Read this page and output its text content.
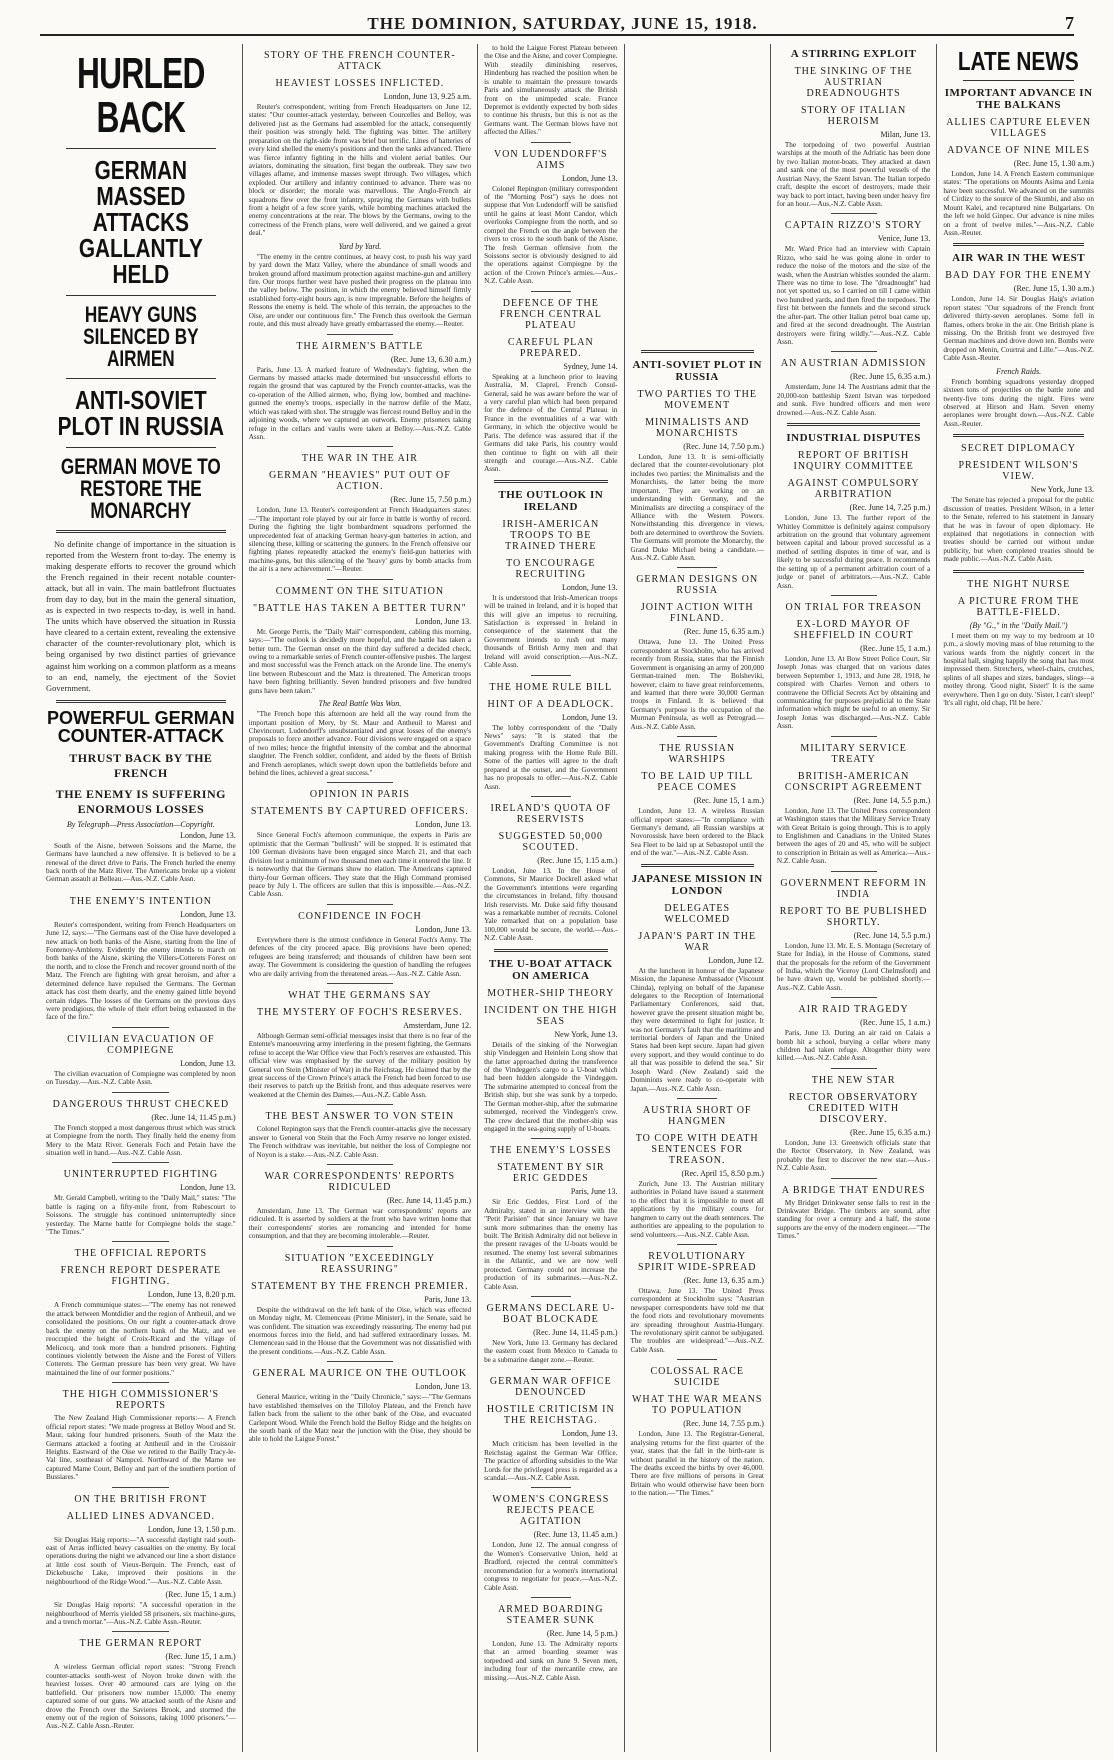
THE DOMINION, SATURDAY, JUNE 15, 1918.	7
HURLED BACK
GERMAN MASSED ATTACKS GALLANTLY HELD
HEAVY GUNS SILENCED BY AIRMEN
ANTI-SOVIET PLOT IN RUSSIA
GERMAN MOVE TO RESTORE THE MONARCHY

No definite change of importance in the situation is reported from the Western front to-day. The enemy is making desperate efforts to recover the ground which the French regained in their recent notable counter-attack, but all in vain. The main battlefront fluctuates from day to day, but in the main the general situation, as is expected in two respects to-day, is well in hand. The units which have observed the situation in Russia have cleared to a certain extent, revealing the extensive character of the counter-revolutionary plot, which is being organised by two distinct parties of grievance against him working on a common platform as a means to an end, namely, the ejectment of the Soviet Government.

POWERFUL GERMAN COUNTER-ATTACK
THRUST BACK BY THE FRENCH
THE ENEMY IS SUFFERING ENORMOUS LOSSES
By Telegraph—Press Association—Copyright.
London, June 13.

South of the Aisne, between Soissons and the Marne, the Germans have launched a new offensive. It is believed to be a renewal of the direct drive to Paris. The French hurled the enemy back north of the Matz River. The Americans broke up a violent German assault at Belleau.—Aus.-N.Z. Cable Assn.

THE ENEMY'S INTENTION
London, June 13.

Reuter's correspondent, writing from French Headquarters on June 12, says:—"The Germans east of the Oise have developed a new attack on both banks of the Aisne, starting from the line of Fontenoy-Ambleny. Evidently the enemy intends to march on both banks of the Aisne, skirting the Villers-Cotterets Forest on the north, and to close the French and recover ground north of the Matz. The French are fighting with great heroism, and after a determined defence have repulsed the Germans. The German attack has cost them dearly, and the enemy gained little beyond certain ridges. The losses of the Germans on the previous days were prodigious, the whole of their effort being exhausted in the face of the fire."

CIVILIAN EVACUATION OF COMPIEGNE
London, June 13.

The civilian evacuation of Compiegne was completed by noon on Tuesday.—Aus.-N.Z. Cable Assn.

DANGEROUS THRUST CHECKED
(Rec. June 14, 11.45 p.m.)

The French stopped a most dangerous thrust which was struck at Compiegne from the north. They finally held the enemy from Mery to the Matz River. Generals Foch and Petain have the situation well in hand.—Aus.-N.Z. Cable Assn.

UNINTERRUPTED FIGHTING
London, June 13.

Mr. Gerald Campbell, writing to the "Daily Mail," states: "The battle is raging on a fifty-mile front, from Rubescourt to Soissons. The struggle has continued uninterruptedly since yesterday. The Marne battle for Compiegne holds the stage." "The Times."

THE OFFICIAL REPORTS
FRENCH REPORT DESPERATE FIGHTING.
London, June 13, 8.20 p.m.

A French communique states:—"The enemy has not renewed the attack between Montdidier and the region of Antheuil, and we consolidated the positions. On our right a counter-attack drove back the enemy on the northern bank of the Matz, and we reoccupied the height of Croix-Ricard and the village of Melicocq, and took more than a hundred prisoners. Fighting continues violently between the Aisne and the Forest of Villers Cotterets. The German pressure has been very great. We have maintained the line of our former positions."

THE HIGH COMMISSIONER'S REPORTS

The New Zealand High Commissioner reports:— A French official report states: "We made progress at Belloy Wood and St. Maur, taking four hundred prisoners. South of the Matz the Germans attacked a footing at Antheuil and in the Croissoir Heights. Eastward of the Oise we retired to the Bailly Tracy-le-Val line, southeast of Nampcel. Northward of the Marne we captured Mame Court, Belloy and part of the southern portion of Bussiares."

ON THE BRITISH FRONT
ALLIED LINES ADVANCED.
London, June 13, 1.50 p.m.

Sir Douglas Haig reports:—"A successful daylight raid south-east of Arras inflicted heavy casualties on the enemy. By local operations during the night we advanced our line a short distance at little cost south of Vieux-Berquin. The French, east of Dickebusche Lake, improved their positions in the neighbourhood of the Ridge Wood."—Aus.-N.Z. Cable Assn.

(Rec. June 15, 1 a.m.)

Sir Douglas Haig reports: "A successful operation in the neighbourhood of Merris yielded 58 prisoners, six machine-guns, and a trench mortar."—Aus.-N.Z. Cable Assn.-Reuter.

THE GERMAN REPORT
(Rec. June 15, 1 a.m.)

A wireless German official report states: "Strong French counter-attacks south-west of Noyon broke down with the heaviest losses. Over 40 armoured cars are lying on the battlefield. Our prisoners now number 15,000. The enemy captured some of our guns. We attacked south of the Aisne and drove the French over the Savieres Brook, and stormed the enemy out of the region of Soissons, taking 1000 prisoners."—Aus.-N.Z. Cable Assn.-Reuter.

STORY OF THE FRENCH COUNTER-ATTACK
HEAVIEST LOSSES INFLICTED.
London, June 13, 9.25 a.m.

Reuter's correspondent, writing from French Headquarters on June 12, states: "Our counter-attack yesterday, between Courcelles and Belloy, was delivered just as the Germans had assembled for the attack, consequently their position was strongly held. The fighting was bitter. The artillery preparation on the right-side front was brief but terrific. Lines of batteries of every kind shelled the enemy's positions and then the tanks advanced. There was fierce infantry fighting in the hills and violent aerial battles. Our aviators, dominating the situation, first began the outbreak. They saw two villages aflame, and immense masses swept through. Two villages, which exploded. Our artillery and infantry continued to advance. There was no block or disorder; the morale was marvellous. The Anglo-French air squadrons flew over the front infantry, spraying the Germans with bullets from a height of a few score yards, while bombing machines attacked the enemy concentrations at the rear. The blows by the Germans, owing to the correctness of the French plans, were well delivered, and we gained a great deal."

Yard by Yard.

"The enemy in the centre continues, at heavy cost, to push his way yard by yard down the Matz Valley, where the abundance of small woods and broken ground afford maximum protection against machine-gun and artillery fire. Our troops further west have pushed their progress on the plateau into the valley below. The position, in which the enemy believed himself firmly established forty-eight hours ago, is now impregnable. Before the heights of Ressons the enemy is held. The whole of this terrain, the approaches to the Oise, are under our continuous fire." The French thus overlook the German route, and this must already have greatly embarrassed the enemy.—Reuter.

THE AIRMEN'S BATTLE
(Rec. June 13, 6.30 a.m.)

Paris, June 13. A marked feature of Wednesday's fighting, when the Germans by massed attacks made determined but unsuccessful efforts to regain the ground that was captured by the French counter-attacks, was the co-operation of the Allied airmen, who, flying low, bombed and machine-gunned the enemy's troops, especially in the narrow defile of the Matz, which was raked with shot. The struggle was fiercest round Belloy and in the adjoining woods, where we captured an outwork. Enemy prisoners taking refuge in the cellars and vaults were taken at Belloy.—Aus.-N.Z. Cable Assn.

THE WAR IN THE AIR
GERMAN "HEAVIES" PUT OUT OF ACTION.
(Rec. June 15, 7.50 p.m.)

London, June 13. Reuter's correspondent at French Headquarters states:—"The important role played by our air force in battle is worthy of record. During the fighting the light bombardment squadrons performed the unprecedented feat of attacking German heavy-gun batteries in action, and silencing these, killing or scattering the gunners. In the French offensive our fighting planes repeatedly attacked the enemy's field-gun batteries with machine-guns, but this silencing of the 'heavy' guns by bomb attacks from the air is a new achievement."—Reuter.

COMMENT ON THE SITUATION
"BATTLE HAS TAKEN A BETTER TURN"
London, June 13.

Mr. George Perris, the "Daily Mail" correspondent, cabling this morning, says:—"The outlook is decidedly more hopeful, and the battle has taken a better turn. The German onset on the third day suffered a decided check, owing to a remarkable series of French counter-offensive pushes. The largest and most successful was the French attack on the Aronde line. The enemy's line between Rubescourt and the Matz is threatened. The American troops have been fighting brilliantly. Seven hundred prisoners and five hundred guns have been taken."

The Real Battle Was Won.

"The French hope this afternoon are held all the way round from the important position of Mery, by St. Maur and Antheuil to Marest and Chevincourt. Ludendorff's unsubstantiated and great losses of the enemy's proposals to force another advance. Four divisions were engaged on a space of two miles; hence the frightful intensity of the combat and the abnormal slaughter. The French soldier, confident, and aided by the fleets of British and French aeroplanes, which swept down upon the battlefields before and behind the lines, achieved a great success."

OPINION IN PARIS
STATEMENTS BY CAPTURED OFFICERS.
London, June 13.

Since General Foch's afternoon communique, the experts in Paris are optimistic that the German "bullrush" will be stopped. It is estimated that 100 German divisions have been engaged since March 21, and that each division lost a minimum of two thousand men each time it entered the line. It is noteworthy that the Germans show no elation. The Americans captured thirty-four German officers. They state that the High Command promised peace by July 1. The officers are sullen that this is impossible.—Aus.-N.Z. Cable Assn.

CONFIDENCE IN FOCH
London, June 13.

Everywhere there is the utmost confidence in General Foch's Army. The defences of the city proceed apace. Big provisions have been opened; refugees are being transferred; and thousands of children have been sent away. The Government is considering the question of handling the refugees who are daily arriving from the threatened areas.—Aus.-N.Z. Cable Assn.

WHAT THE GERMANS SAY
THE MYSTERY OF FOCH'S RESERVES.
Amsterdam, June 12.

Although German semi-official messages insist that there is no fear of the Entente's manoeuvring army interfering in the present fighting, the Germans refuse to accept the War Office view that Foch's reserves are exhausted. This official view was emphasised by the survey of the military position by General von Stein (Minister of War) in the Reichstag. He claimed that by the great success of the Crown Prince's attack the French had been forced to use their reserves to patch up the British front, and thus adequate reserves were weakened at the Chemin des Dames.—Aus.-N.Z. Cable Assn.

THE BEST ANSWER TO VON STEIN

Colonel Repington says that the French counter-attacks give the necessary answer to General von Stein that the Foch Army reserve no longer existed. The French withdraw was inevitable, but neither the loss of Compiegne nor of Noyon is a stake.—Aus.-N.Z. Cable Assn.

WAR CORRESPONDENTS' REPORTS RIDICULED
(Rec. June 14, 11.45 p.m.)

Amsterdam, June 13. The German war correspondents' reports are ridiculed. It is asserted by soldiers at the front who have written home that their correspondents' stories are romancing and intended for home consumption, and that they are becoming intolerable.—Reuter.

SITUATION "EXCEEDINGLY REASSURING"
STATEMENT BY THE FRENCH PREMIER.
Paris, June 13.

Despite the withdrawal on the left bank of the Oise, which was effected on Monday night, M. Clemenceau (Prime Minister), in the Senate, said he was confident. The situation was exceedingly reassuring. The enemy had put enormous forces into the field, and had suffered extraordinary losses. M. Clemenceau said in the House that the Government was not dissatisfied with the present conditions.—Aus.-N.Z. Cable Assn.

GENERAL MAURICE ON THE OUTLOOK
London, June 13.

General Maurice, writing in the "Daily Chronicle," says:—"The Germans have established themselves on the Tilloloy Plateau, and the French have fallen back from the salient to the other bank of the Oise, and evacuated Carlepont Wood. While the French hold the Belloy Ridge and the heights on the south bank of the Matz near the junction with the Oise, they should be able to hold the Laigue Forest."

to hold the Laigue Forest Plateau between the Oise and the Aisne, and cover Compiegne. With steadily diminishing reserves, Hindenburg has reached the position when he is unable to maintain the pressure towards Paris and simultaneously attack the British front on the unimpeded scale. France Depremot is evidently expected by both sides to continue his thrusts, but this is not as the Germans want. The German blows have not affected the Allies."

VON LUDENDORFF'S AIMS
London, June 13.

Colonel Repington (military correspondent of the "Morning Post") says he does not suppose that Von Ludendorff will be satisfied until he gains at least Mont Candor, which overlooks Compiegne from the north, and so compel the French on the angle between the rivers to cross to the south bank of the Aisne. The fresh German offensive from the Soissons sector is obviously designed to aid the operations against Compiegne by the action of the Crown Prince's armies.—Aus.-N.Z. Cable Assn.

DEFENCE OF THE FRENCH CENTRAL PLATEAU
CAREFUL PLAN PREPARED.
Sydney, June 14.

Speaking at a luncheon prior to leaving Australia, M. Claprel, French Consul-General, said he was aware before the war of a very careful plan which had been prepared for the defence of the Central Plateau in France in the eventualities of a war with Germany, in which the objective would be Paris. The defence was assured that if the Germans did take Paris, his country would then continue to fight on with all their strength and courage.—Aus.-N.Z. Cable Assn.

THE OUTLOOK IN IRELAND
IRISH-AMERICAN TROOPS TO BE TRAINED THERE
TO ENCOURAGE RECRUITING
London, June 13.

It is understood that Irish-American troops will be trained in Ireland, and it is hoped that this will give an impetus to recruiting. Satisfaction is expressed in Ireland in consequence of the statement that the Government intends to rush out many thousands of British Army men and that Ireland will avoid conscription.—Aus.-N.Z. Cable Assn.

THE HOME RULE BILL
HINT OF A DEADLOCK.
London, June 13.

The lobby correspondent of the "Daily News" says: "It is stated that the Government's Drafting Committee is not making progress with the Home Rule Bill. Some of the parties will agree to the draft prepared at the outset, and the Government has no proposals to offer.—Aus.-N.Z. Cable Assn.

IRELAND'S QUOTA OF RESERVISTS
SUGGESTED 50,000 SCOUTED.
(Rec. June 15, 1.15 a.m.)

London, June 13. In the House of Commons, Sir Maurice Dockrell asked what the Government's intentions were regarding the circumstances in Ireland, fifty thousand Irish reservists. Mr. Duke said fifty thousand was a remarkable number of recruits. Colonel Yale remarked that on a population base 100,000 would be secure, the world.—Aus.-N.Z. Cable Assn.

THE U-BOAT ATTACK ON AMERICA
MOTHER-SHIP THEORY
INCIDENT ON THE HIGH SEAS
New York, June 13.

Details of the sinking of the Norwegian ship Vindeggen and Heinlein Long show that the latter approached during the transference of the Vindeggen's cargo to a U-boat which had been hidden alongside the Vindeggen. The submarine attempted to conceal from the British ship, but she was sunk by a torpedo. The German mother-ship, after the submarine submerged, received the Vindeggen's crew. The crew declared that the mother-ship was engaged in the sea-going supply of U-boats.

THE ENEMY'S LOSSES
STATEMENT BY SIR ERIC GEDDES
Paris, June 13.

Sir Eric Geddes, First Lord of the Admiralty, stated in an interview with the "Petit Parisien" that since January we have sunk more submarines than the enemy has built. The British Admiralty did not believe in the present ravages of the U-boats would be resumed. The enemy lost several submarines in the Atlantic, and we are now well protected. Germany could not increase the production of its submarines.—Aus.-N.Z. Cable Assn.

GERMANS DECLARE U-BOAT BLOCKADE
(Rec. June 14, 11.45 p.m.)

New York, June 13. Germany has declared the eastern coast from Mexico to Canada to be a submarine danger zone.—Reuter.

GERMAN WAR OFFICE DENOUNCED
HOSTILE CRITICISM IN THE REICHSTAG.
London, June 13.

Much criticism has been levelled in the Reichstag against the German War Office. The practice of affording subsidies to the War Lords for the privileged press is regarded as a scandal.—Aus.-N.Z. Cable Assn.

WOMEN'S CONGRESS REJECTS PEACE AGITATION
(Rec. June 13, 11.45 a.m.)

London, June 12. The annual congress of the Women's Conservative Union, held at Bradford, rejected the central committee's recommendation for a women's international congress to negotiate for peace.—Aus.-N.Z. Cable Assn.

ARMED BOARDING STEAMER SUNK
(Rec. June 14, 5 p.m.)

London, June 13. The Admiralty reports that an armed boarding steamer was torpedoed and sunk on June 9. Seven men, including four of the mercantile crew, are missing.—Aus.-N.Z. Cable Assn.

ANTI-SOVIET PLOT IN RUSSIA
TWO PARTIES TO THE MOVEMENT
MINIMALISTS AND MONARCHISTS
(Rec. June 14, 7.50 p.m.)

London, June 13. It is semi-officially declared that the counter-revolutionary plot includes two parties: the Minimalists and the Monarchists, the latter being the more important. They are working on an understanding with Germany, and the Minimalists are directing a conspiracy of the Alliance with the Western Powers. Notwithstanding this divergence in views, both are determined to overthrow the Soviets. The Germans will promote the Monarchy, the Grand Duke Michael being a candidate.—Aus.-N.Z. Cable Assn.

GERMAN DESIGNS ON RUSSIA
JOINT ACTION WITH FINLAND.
(Rec. June 15, 6.35 a.m.)

Ottawa, June 13. The United Press correspondent at Stockholm, who has arrived recently from Russia, states that the Finnish Government is organising an army of 200,000 German-trained men. The Bolsheviki, however, claim to have great reinforcements, and learned that there were 30,000 German troops in Finland. It is believed that Germany's purpose is the occupation of the Murman Peninsula, as well as Petrograd.—Aus.-N.Z. Cable Assn.

THE RUSSIAN WARSHIPS
TO BE LAID UP TILL PEACE COMES
(Rec. June 15, 1 a.m.)

London, June 13. A wireless Russian official report states:—"In compliance with Germany's demand, all Russian warships at Novorossisk have been ordered to the Black Sea Fleet to be laid up at Sebastopol until the end of the war."—Aus.-N.Z. Cable Assn.

JAPANESE MISSION IN LONDON
DELEGATES WELCOMED
JAPAN'S PART IN THE WAR
London, June 12.

At the luncheon in honour of the Japanese Mission, the Japanese Ambassador (Viscount Chinda), replying on behalf of the Japanese delegates to the Reception of International Parliamentary Conferences, said that, however grave the present situation might be, they were determined to fight for justice. It was not Germany's fault that the maritime and territorial borders of Japan and the United States had been kept secure. Japan had given every support, and they would continue to do all that was possible to defend the sea." Sir Joseph Ward (New Zealand) said the Dominions were ready to co-operate with Japan.—Aus.-N.Z. Cable Assn.

AUSTRIA SHORT OF HANGMEN
TO COPE WITH DEATH SENTENCES FOR TREASON.
(Rec. April 15, 8.50 p.m.)

Zurich, June 13. The Austrian military authorities in Poland have issued a statement to the effect that it is impossible to meet all applications by the military courts for hangmen to carry out the death sentences. The authorities are appealing to the population to send volunteers.—Aus.-N.Z. Cable Assn.

REVOLUTIONARY SPIRIT WIDE-SPREAD
(Rec. June 13, 6.35 a.m.)

Ottawa, June 13. The United Press correspondent at Stockholm says: "Austrian newspaper correspondents have told me that the food riots and revolutionary movements are spreading throughout Austria-Hungary. The revolutionary spirit cannot be subjugated. The troubles are widespread."—Aus.-N.Z. Cable Assn.

COLOSSAL RACE SUICIDE
WHAT THE WAR MEANS TO POPULATION
(Rec. June 14, 7.55 p.m.)

London, June 13. The Registrar-General, analysing returns for the first quarter of the year, states that the fall in the birth-rate is without parallel in the history of the nation. The deaths exceed the births by over 46,000. There are five millions of persons in Great Britain who would otherwise have been born to the nation.—"The Times."

A STIRRING EXPLOIT
THE SINKING OF THE AUSTRIAN DREADNOUGHTS
STORY OF ITALIAN HEROISM
Milan, June 13.

The torpedoing of two powerful Austrian warships at the mouth of the Adriatic has been done by two Italian motor-boats. They attacked at dawn and sank one of the most powerful vessels of the Austrian Navy, the Szent Istvan. The Italian torpedo craft, despite the escort of destroyers, made their way back to port intact, having been under heavy fire for an hour.—Aus.-N.Z. Cable Assn.

CAPTAIN RIZZO'S STORY
Venice, June 13.

Mr. Ward Price had an interview with Captain Rizzo, who said he was going alone in order to reduce the noise of the motors and the size of the wash, when the Austrian whistles sounded the alarm. There was no time to lose. The "dreadnought" had not yet spotted us, so I carried on till I came within two hundred yards, and then fired the torpedoes. The first hit between the funnels and the second struck the after-part. The other Italian petrol boat came up, and fired at the second dreadnought. The Austrian destroyers were firing wildly."—Aus.-N.Z. Cable Assn.

AN AUSTRIAN ADMISSION
(Rec. June 15, 6.35 a.m.)

Amsterdam, June 14. The Austrians admit that the 20,000-ton battleship Szent Istvan was torpedoed and sunk. Five hundred officers and men were drowned.—Aus.-N.Z. Cable Assn.

INDUSTRIAL DISPUTES
REPORT OF BRITISH INQUIRY COMMITTEE
AGAINST COMPULSORY ARBITRATION
(Rec. June 14, 7.25 p.m.)

London, June 13. The further report of the Whitley Committee is definitely against compulsory arbitration on the ground that voluntary agreement between capital and labour proved successful as a method of settling disputes in time of war, and is likely to be successful during peace. It recommends the setting up of a permanent arbitration court of a judge or panel of arbitrators.—Aus.-N.Z. Cable Assn.

ON TRIAL FOR TREASON
EX-LORD MAYOR OF SHEFFIELD IN COURT
(Rec. June 15, 1 a.m.)

London, June 13. At Bow Street Police Court, Sir Joseph Jonas was charged that on various dates between September 1, 1913, and June 28, 1918, he conspired with Charles Vernon and others to contravene the Official Secrets Act by obtaining and communicating for purposes prejudicial to the State information which might be useful to an enemy. Sir Joseph Jonas was discharged.—Aus.-N.Z. Cable Assn.

MILITARY SERVICE TREATY
BRITISH-AMERICAN CONSCRIPT AGREEMENT
(Rec. June 14, 5.5 p.m.)

London, June 13. The United Press correspondent at Washington states that the Military Service Treaty with Great Britain is going through. This is to apply to Englishmen and Canadians in the United States between the ages of 20 and 45, who will be subject to conscription in Britain as well as America.—Aus.-N.Z. Cable Assn.

GOVERNMENT REFORM IN INDIA
REPORT TO BE PUBLISHED SHORTLY.
(Rec. June 14, 5.5 p.m.)

London, June 13. Mr. E. S. Montagu (Secretary of State for India), in the House of Commons, stated that the proposals for the reform of the Government of India, which the Viceroy (Lord Chelmsford) and he have drawn up, would be published shortly.—Aus.-N.Z. Cable Assn.

AIR RAID TRAGEDY
(Rec. June 15, 1 a.m.)

Paris, June 13. During an air raid on Calais a bomb hit a school, burying a cellar where many children had taken refuge. Altogether thirty were killed.—Aus.-N.Z. Cable Assn.

THE NEW STAR
RECTOR OBSERVATORY CREDITED WITH DISCOVERY.
(Rec. June 15, 6.35 a.m.)

London, June 13. Greenwich officials state that the Rector Observatory, in New Zealand, was probably the first to discover the new star.—Aus.-N.Z. Cable Assn.

A BRIDGE THAT ENDURES

My Bridget Drinkwater sense falls to rest in the Drinkwater Bridge. The timbers are sound, after standing for over a century and a half, the stone supports are the envy of the modern engineer.—"The Times."

LATE NEWS
IMPORTANT ADVANCE IN THE BALKANS
ALLIES CAPTURE ELEVEN VILLAGES
ADVANCE OF NINE MILES
(Rec. June 15, 1.30 a.m.)

London, June 14. A French Eastern communique states: "The operations on Mounts Asima and Lenia have been successful. We advanced on the summits of Cirdizy to the source of the Skumbi, and also on Mount Kalei, and recaptured nine Bulgarians. On the left we hold Ginpec. Our advance is nine miles on a front of twelve miles."—Aus.-N.Z. Cable Assn.-Reuter.

AIR WAR IN THE WEST
BAD DAY FOR THE ENEMY
(Rec. June 15, 1.30 a.m.)

London, June 14. Sir Douglas Haig's aviation report states: "Our squadrons of the French front delivered thirty-seven aeroplanes. Some fell in flames, others broke in the air. One British plane is missing. On the British front we destroyed five German machines and drove down ten. Bombs were dropped on Menin, Courtrai and Lille."—Aus.-N.Z. Cable Assn.-Reuter.

French Raids.

French bombing squadrons yesterday dropped sixteen tons of projectiles on the battle zone and twenty-five tons during the night. Fires were observed at Hirson and Ham. Seven enemy aeroplanes were brought down.—Aus.-N.Z. Cable Assn.-Reuter.

SECRET DIPLOMACY
PRESIDENT WILSON'S VIEW.
New York, June 13.

The Senate has rejected a proposal for the public discussion of treaties. President Wilson, in a letter to the Senate, referred to his statement in January that he was in favour of open diplomacy. He explained that negotiations in connection with treaties should be carried out without undue publicity, but when completed treaties should be made public.—Aus.-N.Z. Cable Assn.

THE NIGHT NURSE
A PICTURE FROM THE BATTLE-FIELD.
(By "G.," in the "Daily Mail.")

I meet them on my way to my bedroom at 10 p.m., a slowly moving mass of blue returning to the various wards from the nightly concert in the hospital hall, singing happily the song that has most impressed them. Stretchers, wheel-chairs, crutches, splints of all shapes and sizes, bandages, slings—a motley throng. 'Good night, Sister!' It is the same everywhere. Then I go on duty. 'Sister, I can't sleep!' 'It's all right, old chap, I'll be here.'
